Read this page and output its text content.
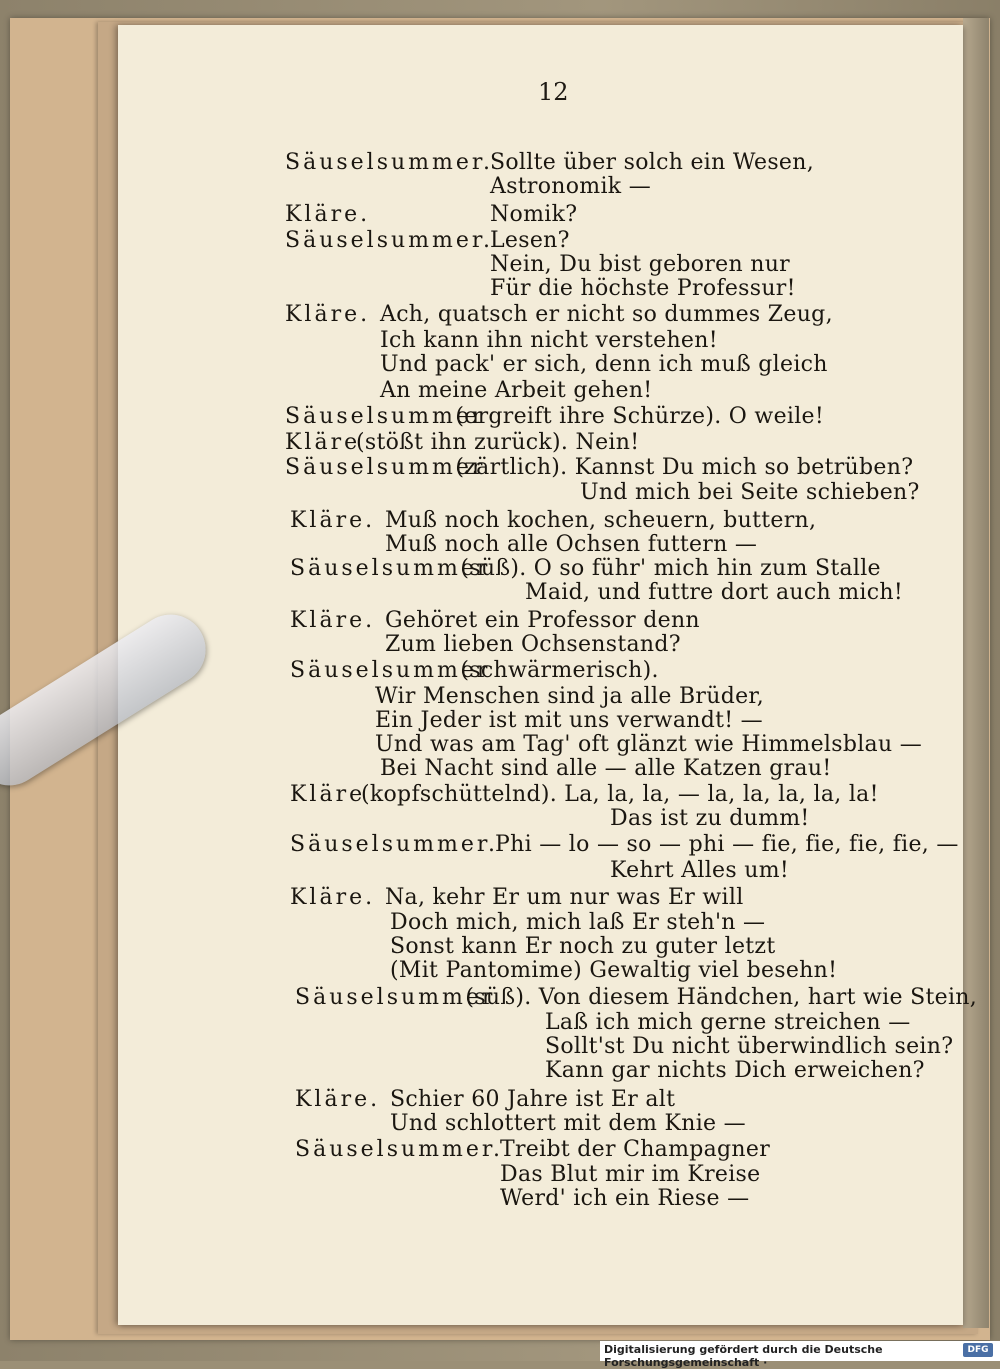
12
Säuselsummer.
Sollte über solch ein Wesen,
Astronomik —
Kläre.	Nomik?
Säuselsummer.
Lesen?
Nein, Du bist geboren nur
Für die höchste Professur!
Kläre. Ach, quatsch er nicht so dummes Zeug,
Ich kann ihn nicht verstehen!
Und pack' er sich, denn ich muß gleich
An meine Arbeit gehen!
Säuselsummer
(ergreift ihre Schürze). O weile!
Kläre
(stößt ihn zurück). Nein!
Säuselsummer
(zärtlich). Kannst Du mich so betrüben?
Und mich bei Seite schieben?
Kläre. Muß noch kochen, scheuern, buttern,
Muß noch alle Ochsen futtern —
Säuselsummer
(süß). O so führ' mich hin zum Stalle
Maid, und futtre dort auch mich!
Kläre. Gehöret ein Professor denn
Zum lieben Ochsenstand?
Säuselsummer
(schwärmerisch).
Wir Menschen sind ja alle Brüder,
Ein Jeder ist mit uns verwandt! —
Und was am Tag' oft glänzt wie Himmelsblau —
Bei Nacht sind alle — alle Katzen grau!
Kläre
(kopfschüttelnd). La, la, la, — la, la, la, la, la!
Das ist zu dumm!
Säuselsummer.
Phi — lo — so — phi — fie, fie, fie, fie, —
Kehrt Alles um!
Kläre. Na, kehr Er um nur was Er will
Doch mich, mich laß Er steh'n —
Sonst kann Er noch zu guter letzt
(Mit Pantomime) Gewaltig viel besehn!
Säuselsummer
(süß). Von diesem Händchen, hart wie Stein,
Laß ich mich gerne streichen —
Sollt'st Du nicht überwindlich sein?
Kann gar nichts Dich erweichen?
Kläre. Schier 60 Jahre ist Er alt
Und schlottert mit dem Knie —
Säuselsummer.
Treibt der Champagner
Das Blut mir im Kreise
Werd' ich ein Riese —
Digitalisierung gefördert durch die Deutsche Forschungsgemeinschaft ·
DFG
